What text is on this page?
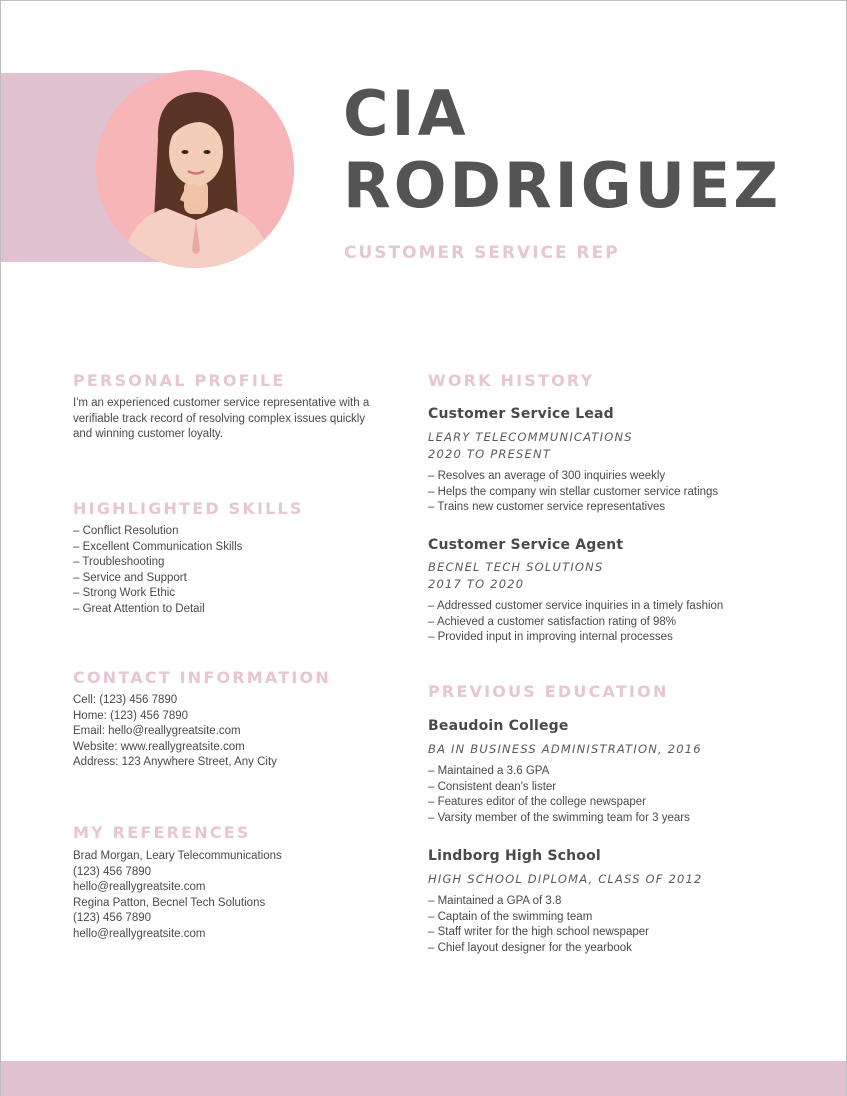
CIA
RODRIGUEZ

CUSTOMER SERVICE REP

PERSONAL PROFILE
I'm an experienced customer service representative with a
verifiable track record of resolving complex issues quickly
and winning customer loyalty.
HIGHLIGHTED SKILLS
– Conflict Resolution
– Excellent Communication Skills
– Troubleshooting
– Service and Support
– Strong Work Ethic
– Great Attention to Detail
CONTACT INFORMATION
Cell: (123) 456 7890
Home: (123) 456 7890
Email: hello@reallygreatsite.com
Website: www.reallygreatsite.com
Address: 123 Anywhere Street, Any City
MY REFERENCES
Brad Morgan, Leary Telecommunications
(123) 456 7890
hello@reallygreatsite.com
Regina Patton, Becnel Tech Solutions
(123) 456 7890
hello@reallygreatsite.com
WORK HISTORY
Customer Service Lead
LEARY TELECOMMUNICATIONS
2020 TO PRESENT
– Resolves an average of 300 inquiries weekly
– Helps the company win stellar customer service ratings
– Trains new customer service representatives
Customer Service Agent
BECNEL TECH SOLUTIONS
2017 TO 2020
– Addressed customer service inquiries in a timely fashion
– Achieved a customer satisfaction rating of 98%
– Provided input in improving internal processes
PREVIOUS EDUCATION
Beaudoin College
BA IN BUSINESS ADMINISTRATION, 2016
– Maintained a 3.6 GPA
– Consistent dean's lister
– Features editor of the college newspaper
– Varsity member of the swimming team for 3 years
Lindborg High School
HIGH SCHOOL DIPLOMA, CLASS OF 2012
– Maintained a GPA of 3.8
– Captain of the swimming team
– Staff writer for the high school newspaper
– Chief layout designer for the yearbook
